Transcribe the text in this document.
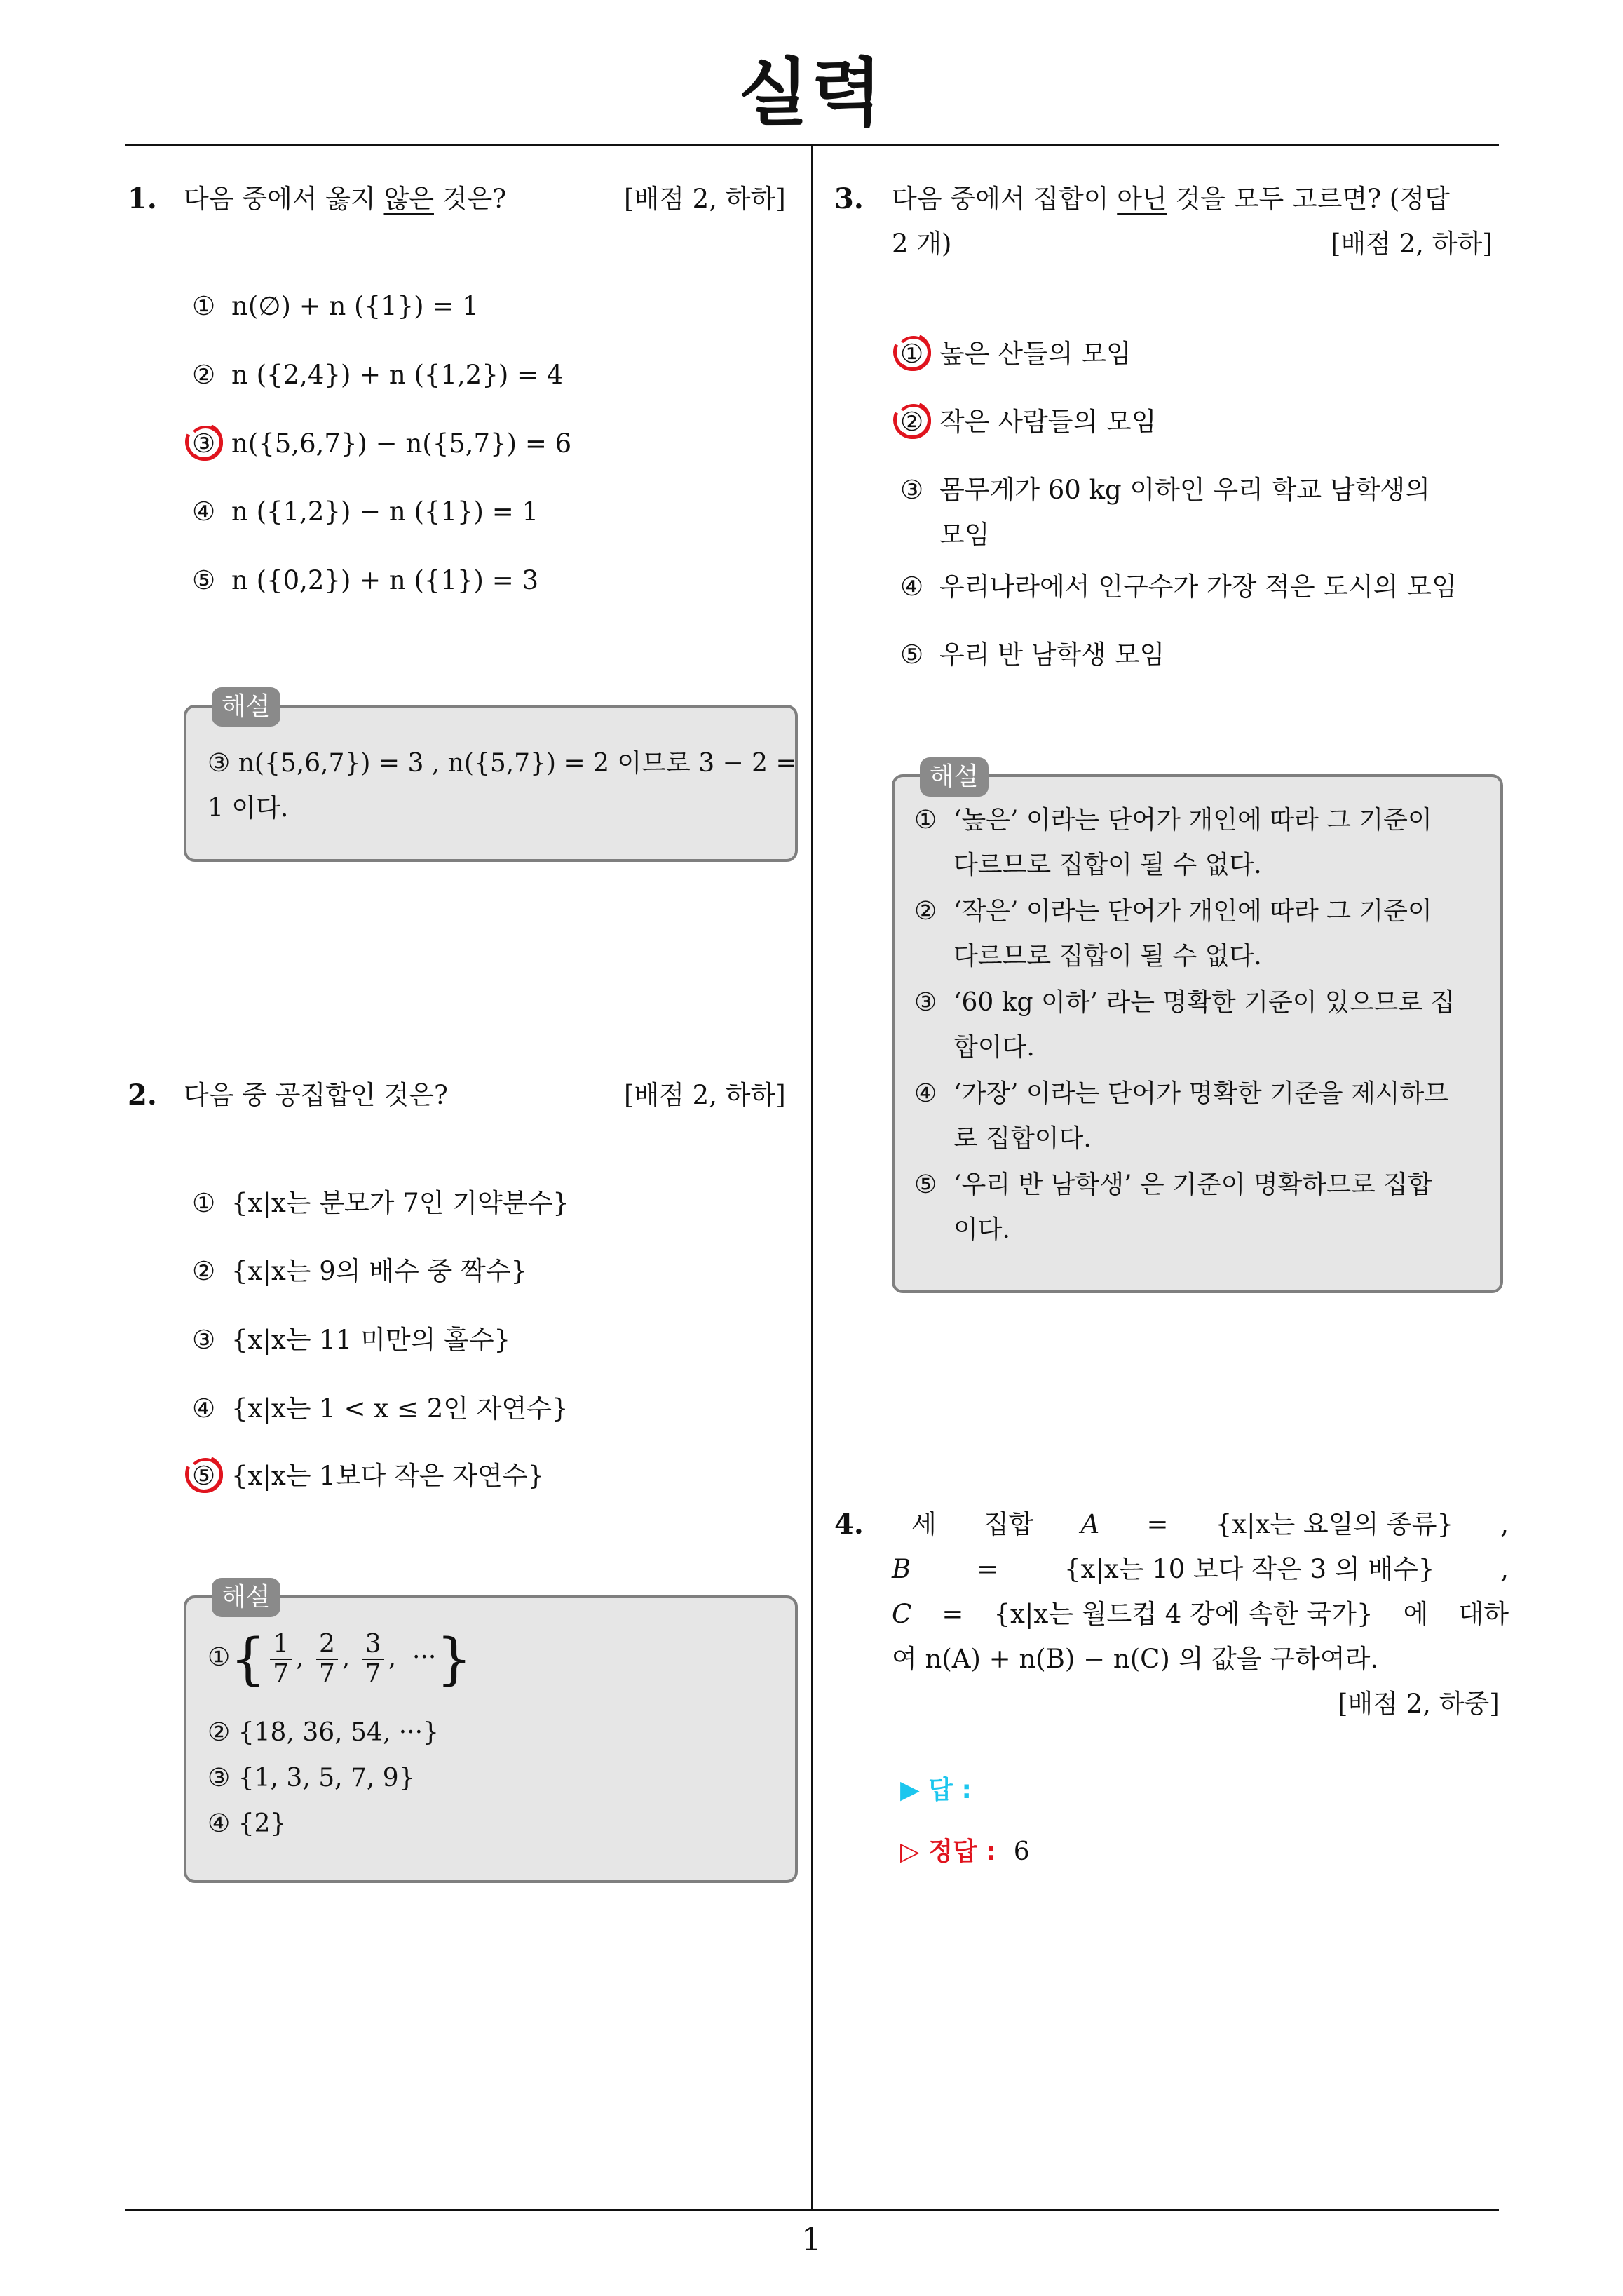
실력
1
1. 다음 중에서 옳지 않은 것은?	[배점 2, 하하]
① n(∅) + n ({1}) = 1
② n ({2,4}) + n ({1,2}) = 4
③ n({5,6,7}) − n({5,7}) = 6
④ n ({1,2}) − n ({1}) = 1
⑤ n ({0,2}) + n ({1}) = 3
③ n({5,6,7}) = 3 , n({5,7}) = 2 이므로 3 − 2 =
1 이다.
해설
2. 다음 중 공집합인 것은?	[배점 2, 하하]
① {x|x는 분모가 7인 기약분수}
② {x|x는 9의 배수 중 짝수}
③ {x|x는 11 미만의 홀수}
④ {x|x는 1 < x ≤ 2인 자연수}
⑤ {x|x는 1보다 작은 자연수}
①{ $\frac{1}{7}$ , $\frac{2}{7}$ , $\frac{3}{7}$ ,  ···}
② {18, 36, 54, ···}
③ {1, 3, 5, 7, 9}
④ {2}
해설
3. 다음 중에서 집합이 아닌 것을 모두 고르면? (정답
2 개)	[배점 2, 하하]
① 높은 산들의 모임
② 작은 사람들의 모임
③ 몸무게가 60 kg 이하인 우리 학교 남학생의
모임
④ 우리나라에서 인구수가 가장 적은 도시의 모임
⑤ 우리 반 남학생 모임
① ‘높은’ 이라는 단어가 개인에 따라 그 기준이
다르므로 집합이 될 수 없다.
② ‘작은’ 이라는 단어가 개인에 따라 그 기준이
다르므로 집합이 될 수 없다.
③ ‘60 kg 이하’ 라는 명확한 기준이 있으므로 집
합이다.
④ ‘가장’ 이라는 단어가 명확한 기준을 제시하므
로 집합이다.
⑤ ‘우리 반 남학생’ 은 기준이 명확하므로 집합
이다.
해설
4.	세 집합 A = {x|x는 요일의 종류} ,
B	=	{x|x는 10 보다 작은 3 의 배수}	,
C = {x|x는 월드컵 4 강에 속한 국가} 에 대하
여 n(A) + n(B) − n(C) 의 값을 구하여라.
[배점 2, 하중]
▶ 답 :
▷ 정답 : 6
